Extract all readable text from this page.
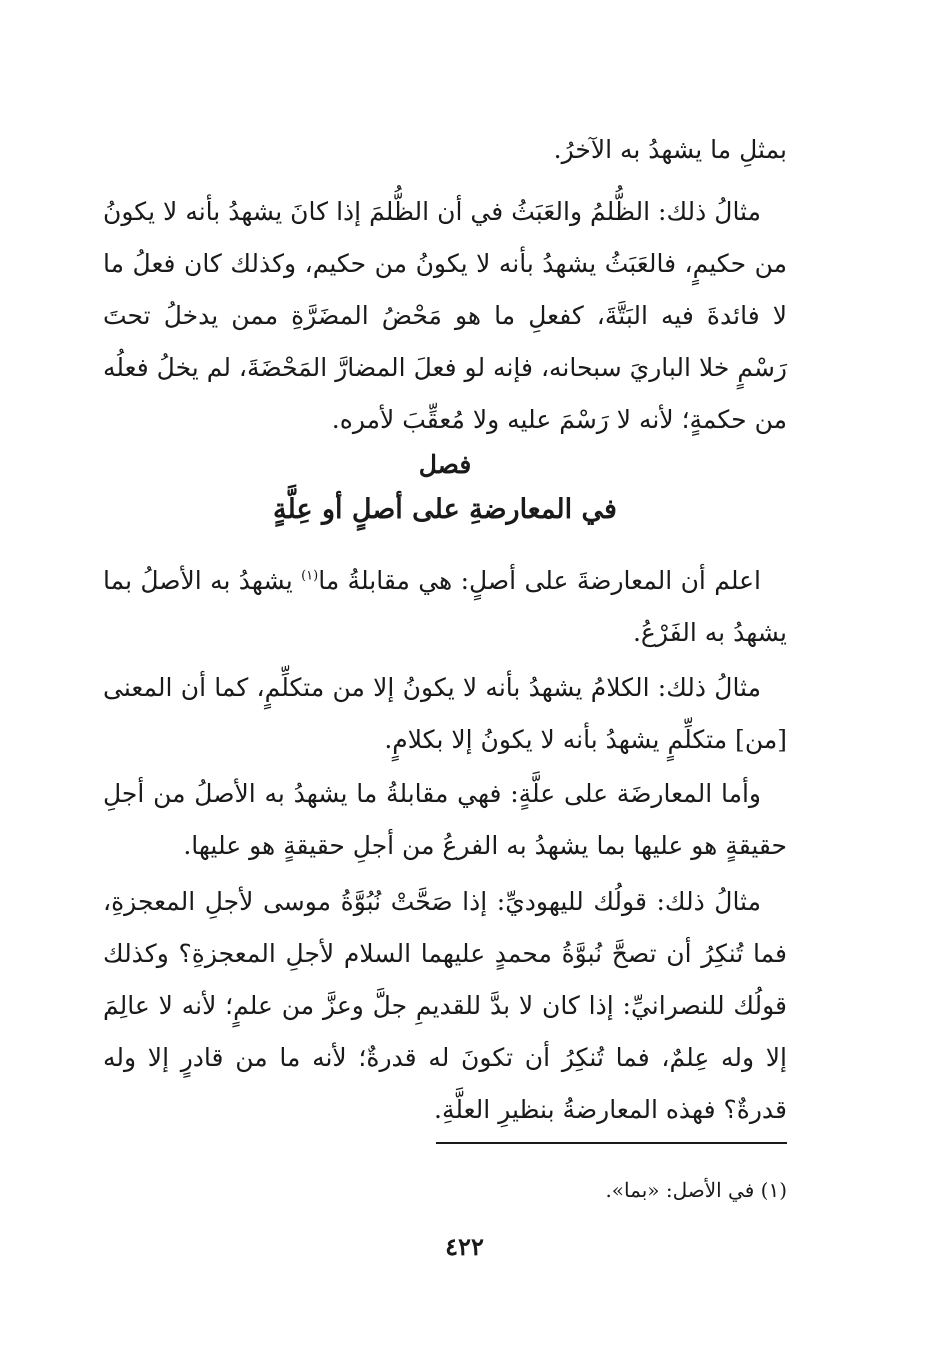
بمثلِ ما يشهدُ به الآخرُ.

مثالُ ذلك: الظُّلمُ والعَبَثُ في أن الظُّلمَ إذا كانَ يشهدُ بأنه لا يكونُ من حكيمٍ، فالعَبَثُ يشهدُ بأنه لا يكونُ من حكيم، وكذلك كان فعلُ ما لا فائدةَ فيه البَتَّةَ، كفعلِ ما هو مَحْضُ المضَرَّةِ ممن يدخلُ تحتَ رَسْمٍ خلا الباريَ سبحانه، فإنه لو فعلَ المضارَّ المَحْضَةَ، لم يخلُ فعلُه من حكمةٍ؛ لأنه لا رَسْمَ عليه ولا مُعقِّبَ لأمره.

فصل

في المعارضةِ على أصلٍ أو عِلَّةٍ

اعلم أن المعارضةَ على أصلٍ: هي مقابلةُ ما$^{(١)}$ يشهدُ به الأصلُ بما يشهدُ به الفَرْعُ.

مثالُ ذلك: الكلامُ يشهدُ بأنه لا يكونُ إلا من متكلِّمٍ، كما أن المعنى [من] متكلِّمٍ يشهدُ بأنه لا يكونُ إلا بكلامٍ.

وأما المعارضَة على علَّةٍ: فهي مقابلةُ ما يشهدُ به الأصلُ من أجلِ حقيقةٍ هو عليها بما يشهدُ به الفرعُ من أجلِ حقيقةٍ هو عليها.

مثالُ ذلك: قولُك لليهوديِّ: إذا صَحَّتْ نُبُوَّةُ موسى لأجلِ المعجزةِ، فما تُنكِرُ أن تصحَّ نُبوَّةُ محمدٍ عليهما السلام لأجلِ المعجزةِ؟ وكذلك قولُك للنصرانيِّ: إذا كان لا بدَّ للقديمِ جلَّ وعزَّ من علمٍ؛ لأنه لا عالِمَ إلا وله عِلمٌ، فما تُنكِرُ أن تكونَ له قدرةٌ؛ لأنه ما من قادرٍ إلا وله قدرةٌ؟ فهذه المعارضةُ بنظيرِ العلَّةِ.

(١) في الأصل: «بما».

٤٢٢
